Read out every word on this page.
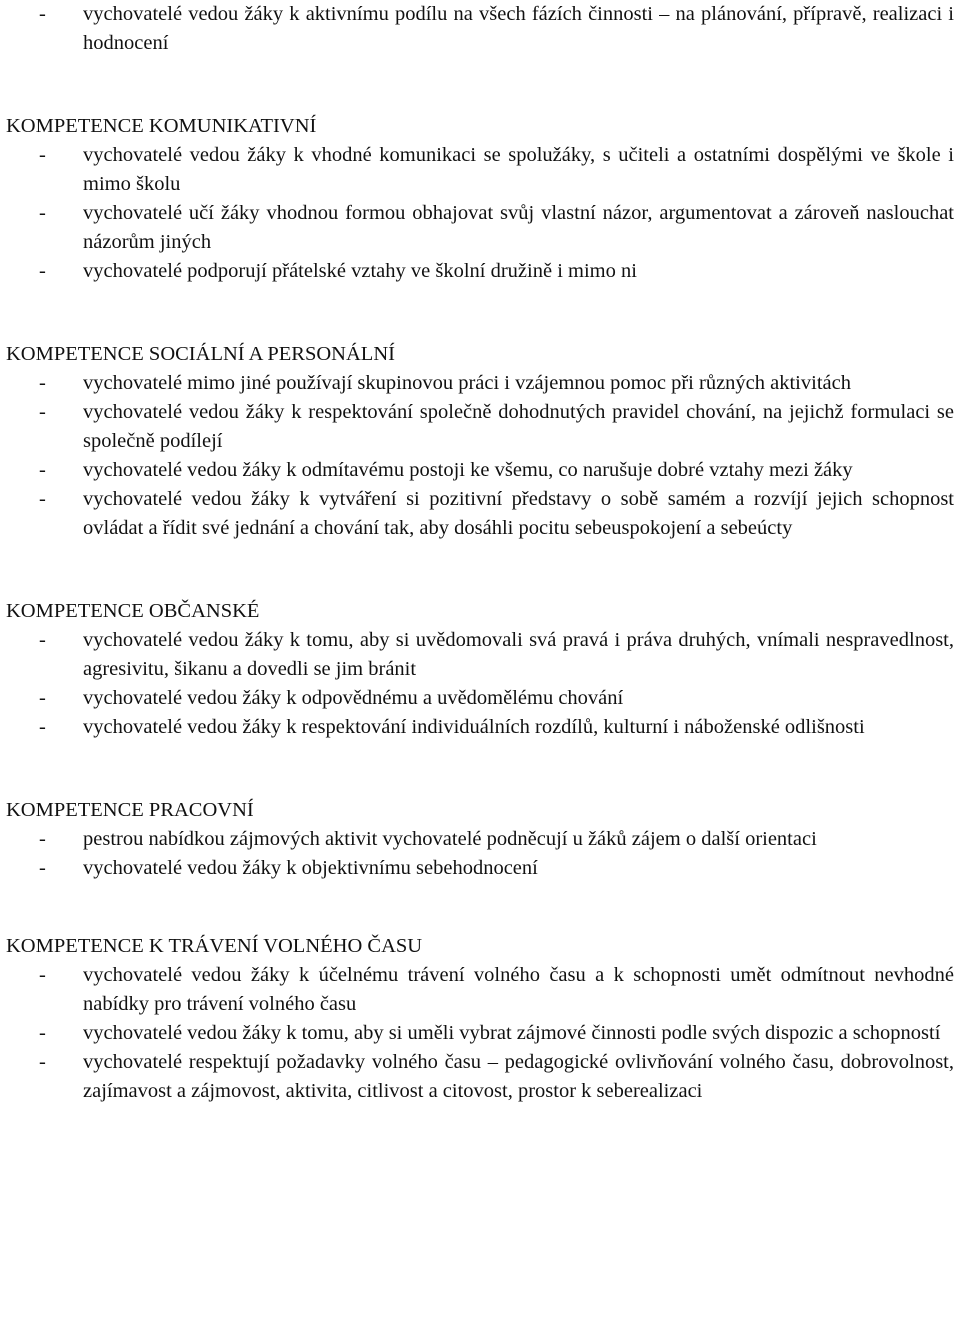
- vychovatelé vedou žáky k aktivnímu podílu na všech fázích činnosti – na plánování, přípravě, realizaci i hodnocení

KOMPETENCE KOMUNIKATIVNÍ

- vychovatelé vedou žáky k vhodné komunikaci se spolužáky, s učiteli a ostatními dospělými ve škole i mimo školu

- vychovatelé učí žáky vhodnou formou obhajovat svůj vlastní názor, argumentovat a zároveň naslouchat názorům jiných

- vychovatelé podporují přátelské vztahy ve školní družině i mimo ni

KOMPETENCE SOCIÁLNÍ A PERSONÁLNÍ

- vychovatelé mimo jiné používají skupinovou práci i vzájemnou pomoc při různých aktivitách

- vychovatelé vedou žáky k respektování společně dohodnutých pravidel chování, na jejichž formulaci se společně podílejí

- vychovatelé vedou žáky k odmítavému postoji ke všemu, co narušuje dobré vztahy mezi žáky

- vychovatelé vedou žáky k vytváření si pozitivní představy o sobě samém a rozvíjí jejich schopnost ovládat a řídit své jednání a chování tak, aby dosáhli pocitu sebeuspokojení a sebeúcty

KOMPETENCE OBČANSKÉ

- vychovatelé vedou žáky k tomu, aby si uvědomovali svá pravá i práva druhých, vnímali nespravedlnost, agresivitu, šikanu a dovedli se jim bránit

- vychovatelé vedou žáky k odpovědnému a uvědomělému chování

- vychovatelé vedou žáky k respektování individuálních rozdílů, kulturní i náboženské odlišnosti

KOMPETENCE PRACOVNÍ

- pestrou nabídkou zájmových aktivit vychovatelé podněcují u žáků zájem o další orientaci

- vychovatelé vedou žáky k objektivnímu sebehodnocení

KOMPETENCE K TRÁVENÍ VOLNÉHO ČASU

- vychovatelé vedou žáky k účelnému trávení volného času a k schopnosti umět odmítnout nevhodné nabídky pro trávení volného času

- vychovatelé vedou žáky k tomu, aby si uměli vybrat zájmové činnosti podle svých dispozic a schopností

- vychovatelé respektují požadavky volného času – pedagogické ovlivňování volného času, dobrovolnost, zajímavost a zájmovost, aktivita, citlivost a citovost, prostor k seberealizaci
